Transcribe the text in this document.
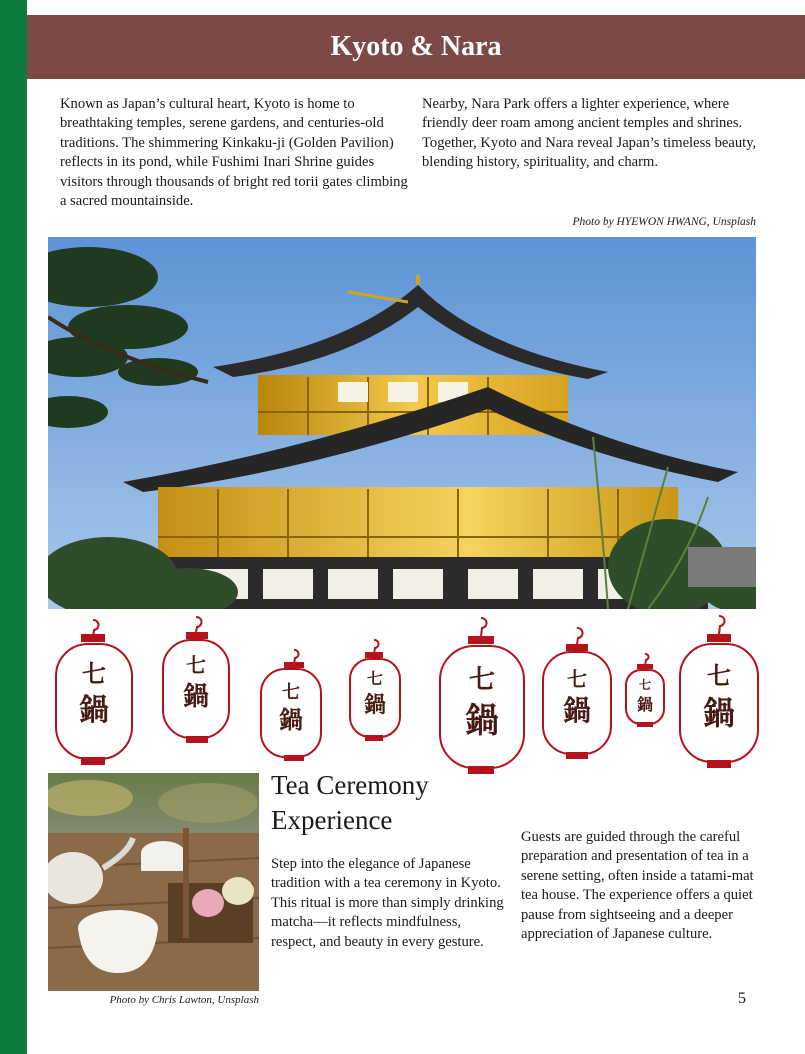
Kyoto & Nara

Known as Japan’s cultural heart, Kyoto is home to breathtaking temples, serene gardens, and centuries-old traditions. The shimmering Kinkaku-ji (Golden Pavilion) reflects in its pond, while Fushimi Inari Shrine guides visitors through thousands of bright red torii gates climbing a sacred mountainside.

Nearby, Nara Park offers a lighter experience, where friendly deer roam among ancient temples and shrines. Together, Kyoto and Nara reveal Japan’s timeless beauty, blending history, spirituality, and charm.

Photo by HYEWON HWANG, Unsplash
七
鍋
七
鍋	七
鍋
七
鍋
七
鍋
七
鍋
七
鍋
七
鍋
Photo by Chris Lawton, Unsplash
Tea Ceremony Experience

Step into the elegance of Japanese tradition with a tea ceremony in Kyoto. This ritual is more than simply drinking matcha—it reflects mindfulness, respect, and beauty in every gesture.

Guests are guided through the careful preparation and presentation of tea in a serene setting, often inside a tatami-mat tea house. The experience offers a quiet pause from sightseeing and a deeper appreciation of Japanese culture.

5
